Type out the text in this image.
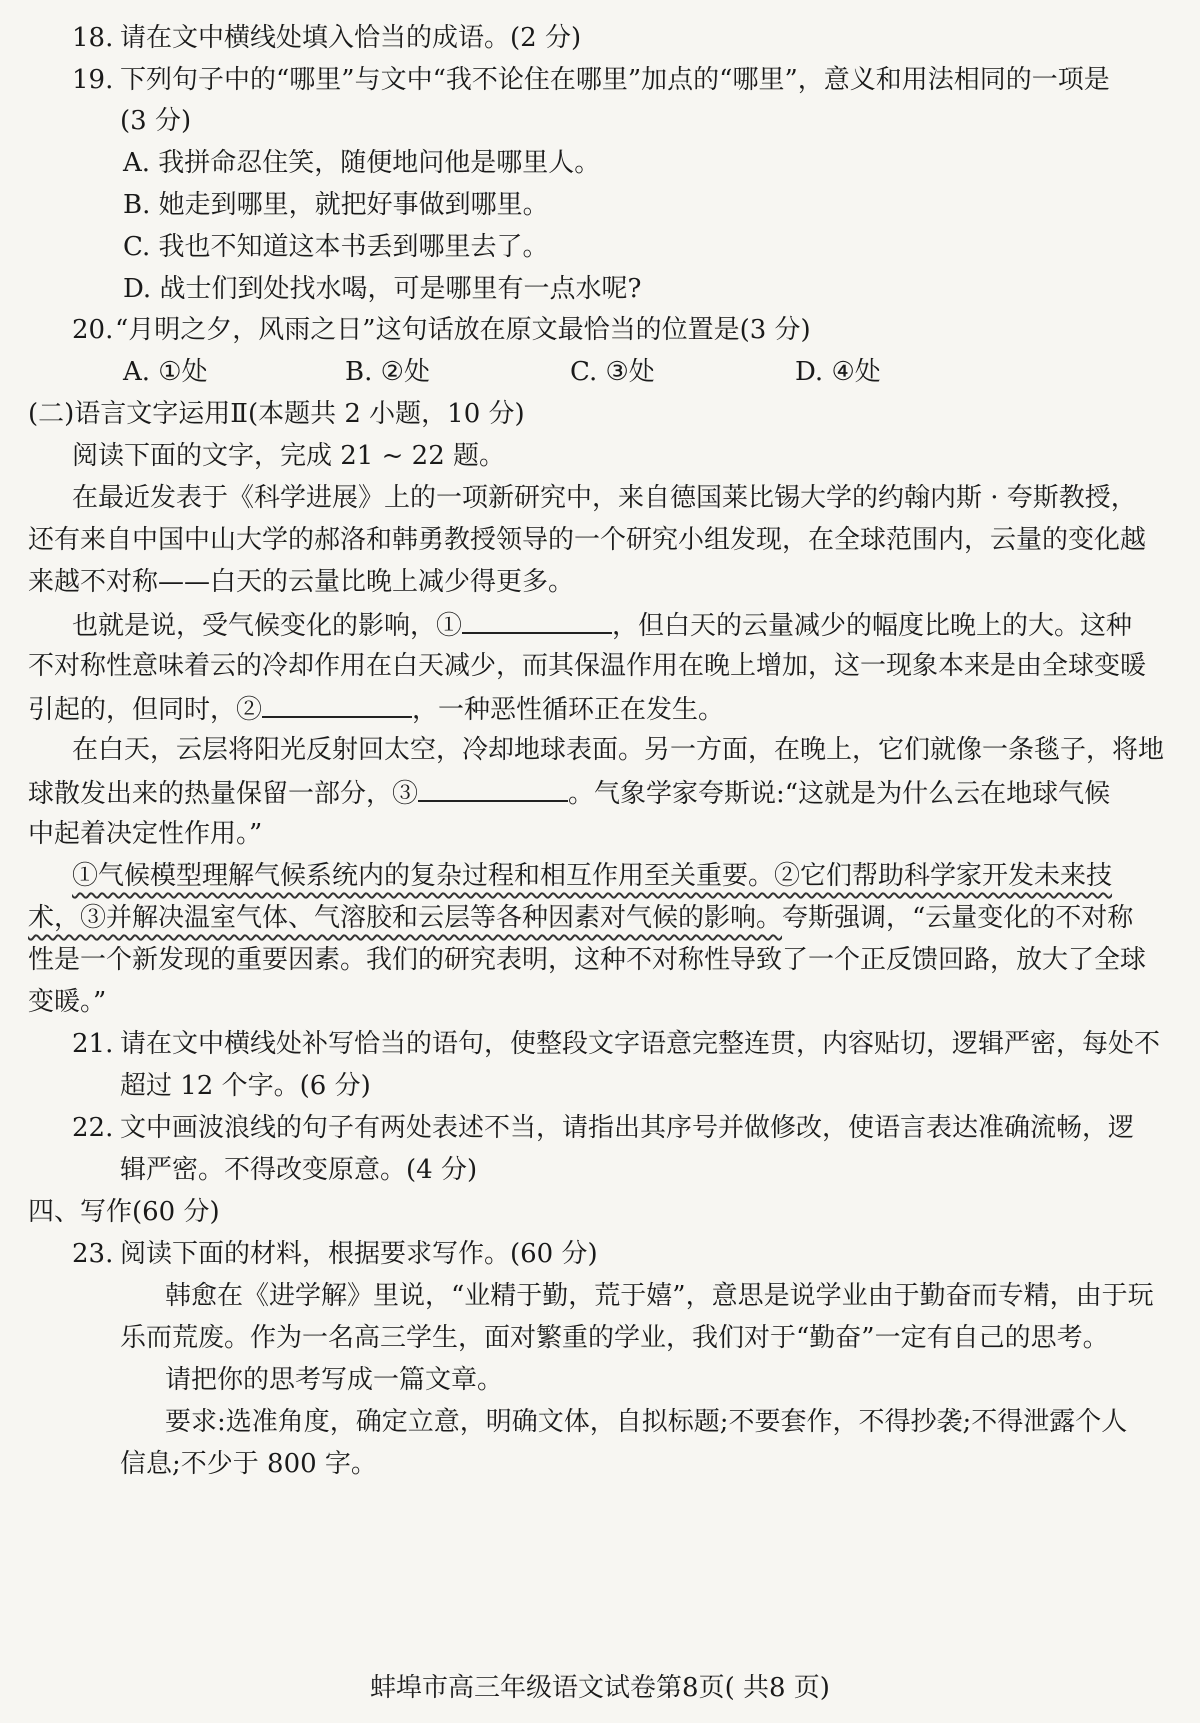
18. 请在文中横线处填入恰当的成语。(2 分)
19. 下列句子中的“哪里”与文中“我不论住在哪里”加点的“哪里”，意义和用法相同的一项是
(3 分)
A. 我拼命忍住笑，随便地问他是哪里人。
B. 她走到哪里，就把好事做到哪里。
C. 我也不知道这本书丢到哪里去了。
D. 战士们到处找水喝，可是哪里有一点水呢?
20. “月明之夕，风雨之日”这句话放在原文最恰当的位置是(3 分)
A. ①处	B. ②处	C. ③处	D. ④处
(二)语言文字运用Ⅱ(本题共 2 小题，10 分)
阅读下面的文字，完成 21 ~ 22 题。
在最近发表于《科学进展》上的一项新研究中，来自德国莱比锡大学的约翰内斯 · 夸斯教授，
还有来自中国中山大学的郝洛和韩勇教授领导的一个研究小组发现，在全球范围内，云量的变化越
来越不对称——白天的云量比晚上减少得更多。
也就是说，受气候变化的影响，①	，但白天的云量减少的幅度比晚上的大。这种
不对称性意味着云的冷却作用在白天减少，而其保温作用在晚上增加，这一现象本来是由全球变暖
引起的，但同时，②	，一种恶性循环正在发生。
在白天，云层将阳光反射回太空，冷却地球表面。另一方面，在晚上，它们就像一条毯子，将地
球散发出来的热量保留一部分，③	。气象学家夸斯说:“这就是为什么云在地球气候
中起着决定性作用。”
①气候模型理解气候系统内的复杂过程和相互作用至关重要。②它们帮助科学家开发未来技
术，③并解决温室气体、气溶胶和云层等各种因素对气候的影响。夸斯强调，“云量变化的不对称
性是一个新发现的重要因素。我们的研究表明，这种不对称性导致了一个正反馈回路，放大了全球
变暖。”
21. 请在文中横线处补写恰当的语句，使整段文字语意完整连贯，内容贴切，逻辑严密，每处不
超过 12 个字。(6 分)
22. 文中画波浪线的句子有两处表述不当，请指出其序号并做修改，使语言表达准确流畅，逻
辑严密。不得改变原意。(4 分)
四、写作(60 分)
23. 阅读下面的材料，根据要求写作。(60 分)
韩愈在《进学解》里说，“业精于勤，荒于嬉”，意思是说学业由于勤奋而专精，由于玩
乐而荒废。作为一名高三学生，面对繁重的学业，我们对于“勤奋”一定有自己的思考。
请把你的思考写成一篇文章。
要求:选准角度，确定立意，明确文体，自拟标题;不要套作，不得抄袭;不得泄露个人
信息;不少于 800 字。
蚌埠市高三年级语文试卷第8页( 共8 页)
